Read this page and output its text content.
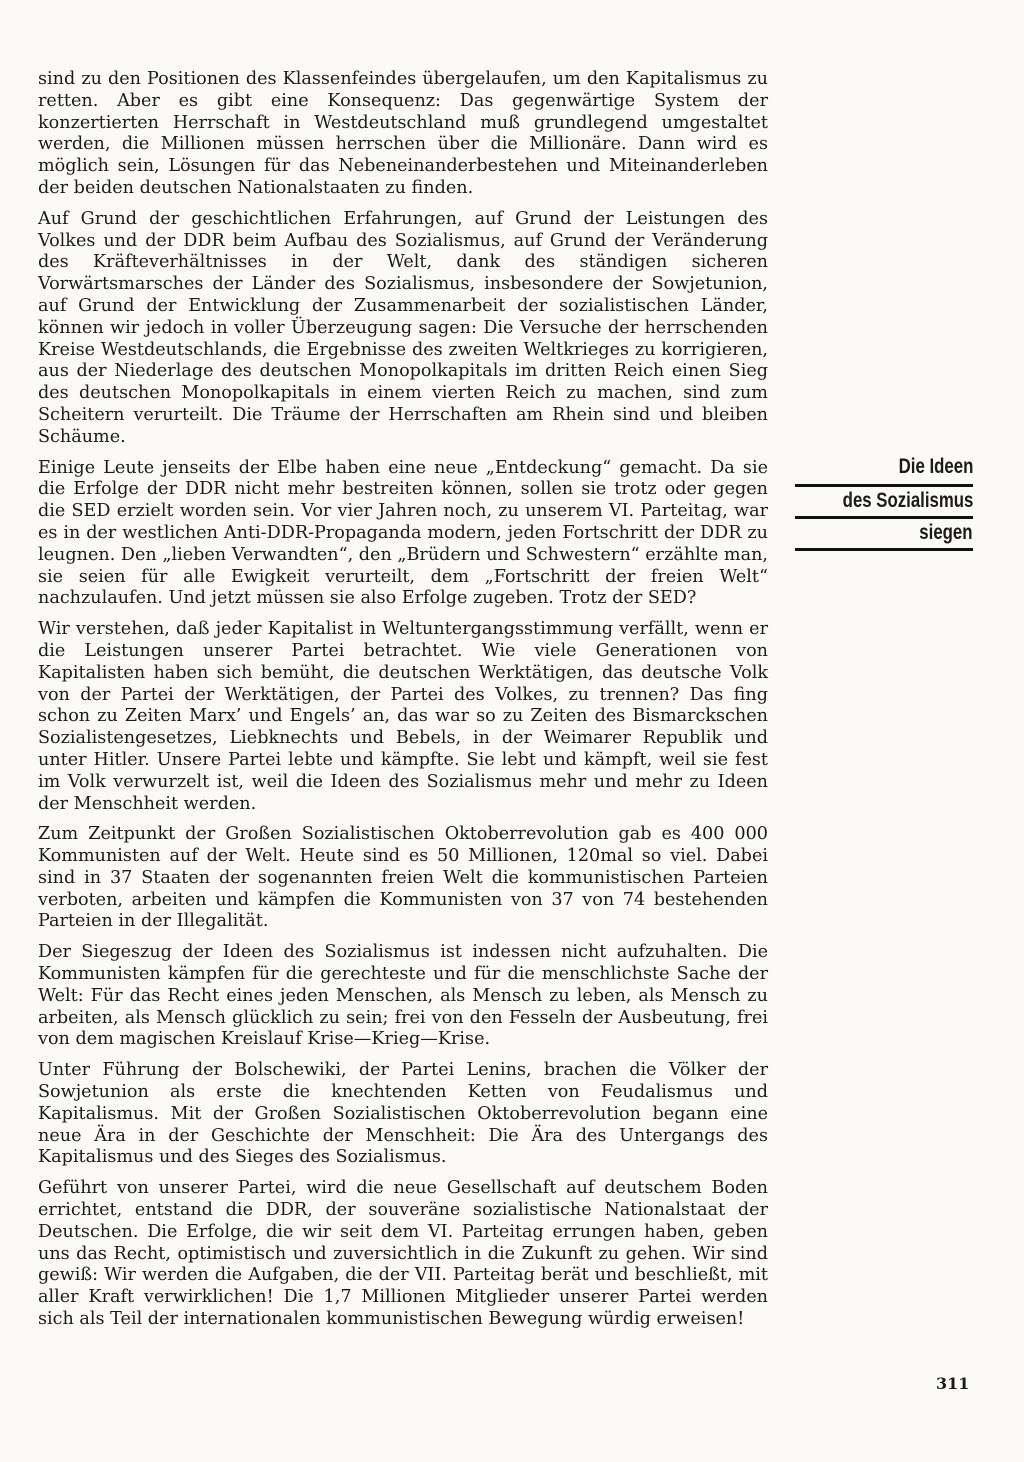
sind zu den Positionen des Klassenfeindes übergelaufen, um den Kapitalismus zu retten. Aber es gibt eine Konsequenz: Das gegenwärtige System der konzertierten Herrschaft in Westdeutschland muß grundlegend umgestaltet werden, die Millionen müssen herrschen über die Millionäre. Dann wird es möglich sein, Lösungen für das Nebeneinanderbestehen und Miteinanderleben der beiden deutschen Nationalstaaten zu finden.

Auf Grund der geschichtlichen Erfahrungen, auf Grund der Leistungen des Volkes und der DDR beim Aufbau des Sozialismus, auf Grund der Veränderung des Kräfteverhältnisses in der Welt, dank des ständigen sicheren Vorwärtsmarsches der Länder des Sozialismus, insbesondere der Sowjetunion, auf Grund der Entwicklung der Zusammenarbeit der sozialistischen Länder, können wir jedoch in voller Überzeugung sagen: Die Versuche der herrschenden Kreise Westdeutschlands, die Ergebnisse des zweiten Weltkrieges zu korrigieren, aus der Niederlage des deutschen Monopolkapitals im dritten Reich einen Sieg des deutschen Monopolkapitals in einem vierten Reich zu machen, sind zum Scheitern verurteilt. Die Träume der Herrschaften am Rhein sind und bleiben Schäume.

Einige Leute jenseits der Elbe haben eine neue „Entdeckung“ gemacht. Da sie die Erfolge der DDR nicht mehr bestreiten können, sollen sie trotz oder gegen die SED erzielt worden sein. Vor vier Jahren noch, zu unserem VI. Parteitag, war es in der westlichen Anti-DDR-Propaganda modern, jeden Fortschritt der DDR zu leugnen. Den „lieben Verwandten“, den „Brüdern und Schwestern“ erzählte man, sie seien für alle Ewigkeit verurteilt, dem „Fortschritt der freien Welt“ nachzulaufen. Und jetzt müssen sie also Erfolge zugeben. Trotz der SED?

Wir verstehen, daß jeder Kapitalist in Weltuntergangsstimmung verfällt, wenn er die Leistungen unserer Partei betrachtet. Wie viele Generationen von Kapitalisten haben sich bemüht, die deutschen Werktätigen, das deutsche Volk von der Partei der Werktätigen, der Partei des Volkes, zu trennen? Das fing schon zu Zeiten Marx’ und Engels’ an, das war so zu Zeiten des Bismarckschen Sozialistengesetzes, Liebknechts und Bebels, in der Weimarer Republik und unter Hitler. Unsere Partei lebte und kämpfte. Sie lebt und kämpft, weil sie fest im Volk verwurzelt ist, weil die Ideen des Sozialismus mehr und mehr zu Ideen der Menschheit werden.

Zum Zeitpunkt der Großen Sozialistischen Oktoberrevolution gab es 400 000 Kommunisten auf der Welt. Heute sind es 50 Millionen, 120mal so viel. Dabei sind in 37 Staaten der sogenannten freien Welt die kommunistischen Parteien verboten, arbeiten und kämpfen die Kommunisten von 37 von 74 bestehenden Parteien in der Illegalität.

Der Siegeszug der Ideen des Sozialismus ist indessen nicht aufzuhalten. Die Kommunisten kämpfen für die gerechteste und für die menschlichste Sache der Welt: Für das Recht eines jeden Menschen, als Mensch zu leben, als Mensch zu arbeiten, als Mensch glücklich zu sein; frei von den Fesseln der Ausbeutung, frei von dem magischen Kreislauf Krise—Krieg—Krise.

Unter Führung der Bolschewiki, der Partei Lenins, brachen die Völker der Sowjetunion als erste die knechtenden Ketten von Feudalismus und Kapitalismus. Mit der Großen Sozialistischen Oktoberrevolution begann eine neue Ära in der Geschichte der Menschheit: Die Ära des Untergangs des Kapitalismus und des Sieges des Sozialismus.

Geführt von unserer Partei, wird die neue Gesellschaft auf deutschem Boden errichtet, entstand die DDR, der souveräne sozialistische Nationalstaat der Deutschen. Die Erfolge, die wir seit dem VI. Parteitag errungen haben, geben uns das Recht, optimistisch und zuversichtlich in die Zukunft zu gehen. Wir sind gewiß: Wir werden die Aufgaben, die der VII. Parteitag berät und beschließt, mit aller Kraft verwirklichen! Die 1,7 Millionen Mitglieder unserer Partei werden sich als Teil der internationalen kommunistischen Bewegung würdig erweisen!

Die Ideen
des Sozialismus
siegen
311
